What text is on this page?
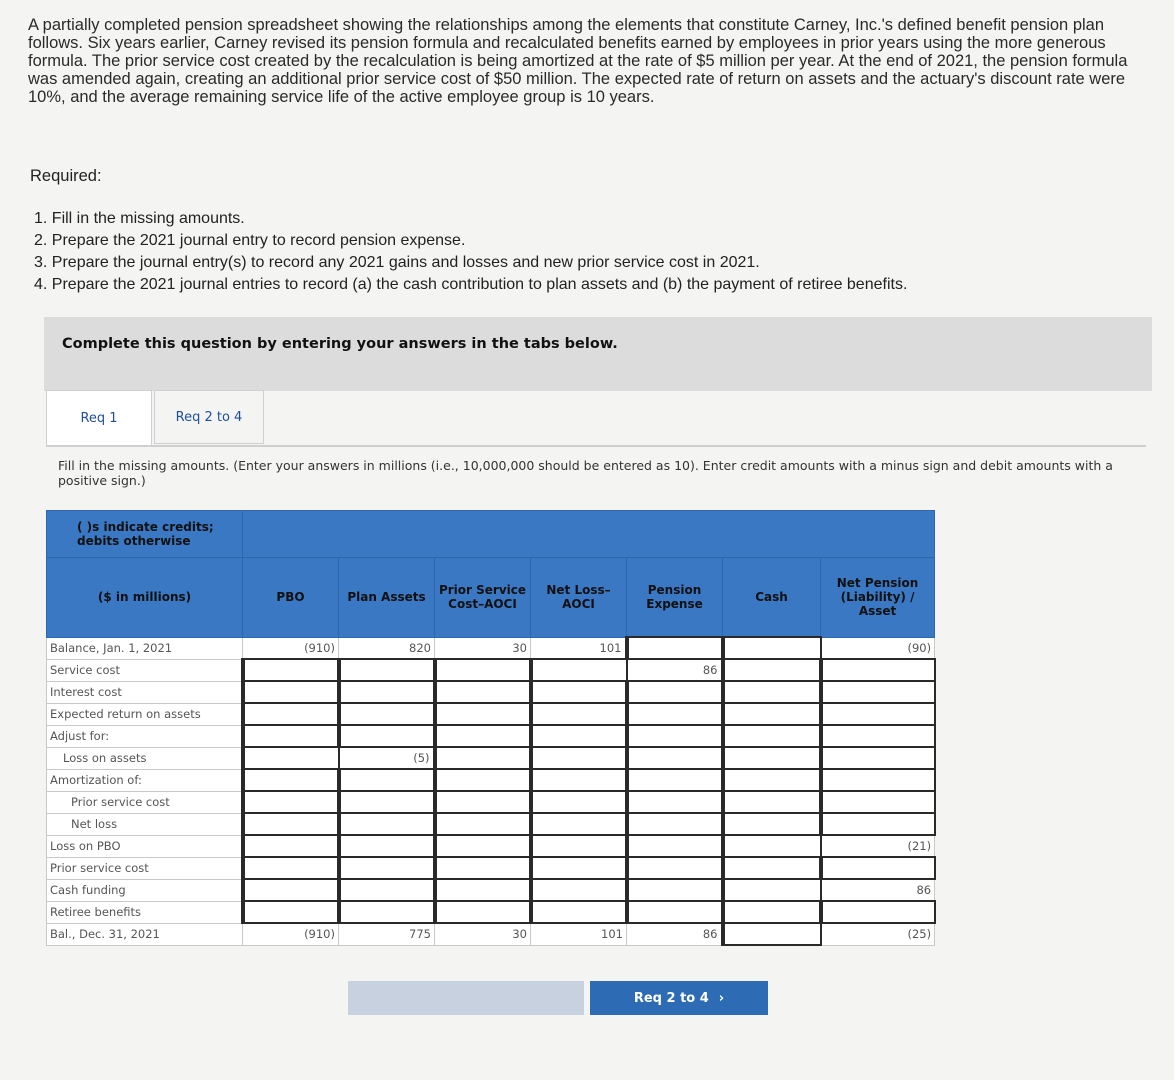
A partially completed pension spreadsheet showing the relationships among the elements that constitute Carney, Inc.'s defined benefit pension plan follows. Six years earlier, Carney revised its pension formula and recalculated benefits earned by employees in prior years using the more generous formula. The prior service cost created by the recalculation is being amortized at the rate of $5 million per year. At the end of 2021, the pension formula was amended again, creating an additional prior service cost of $50 million. The expected rate of return on assets and the actuary's discount rate were 10%, and the average remaining service life of the active employee group is 10 years.
Required:
1. Fill in the missing amounts.
2. Prepare the 2021 journal entry to record pension expense.
3. Prepare the journal entry(s) to record any 2021 gains and losses and new prior service cost in 2021.
4. Prepare the 2021 journal entries to record (a) the cash contribution to plan assets and (b) the payment of retiree benefits.
Complete this question by entering your answers in the tabs below.
Req 1	Req 2 to 4
Fill in the missing amounts. (Enter your answers in millions (i.e., 10,000,000 should be entered as 10). Enter credit amounts with a minus sign and debit amounts with a positive sign.)
( )s indicate credits; debits otherwise							
($ in millions)	PBO	Plan Assets	Prior Service Cost–AOCI	Net Loss–AOCI	Pension Expense	Cash	Net Pension (Liability) / Asset
Balance, Jan. 1, 2021	(910)	820	30	101			(90)
Service cost					86		
Interest cost							
Expected return on assets							
Adjust for:							
Loss on assets		(5)					
Amortization of:							
Prior service cost							
Net loss							
Loss on PBO							(21)
Prior service cost							
Cash funding							86
Retiree benefits							
Bal., Dec. 31, 2021	(910)	775	30	101	86		(25)
Req 2 to 4 ›
